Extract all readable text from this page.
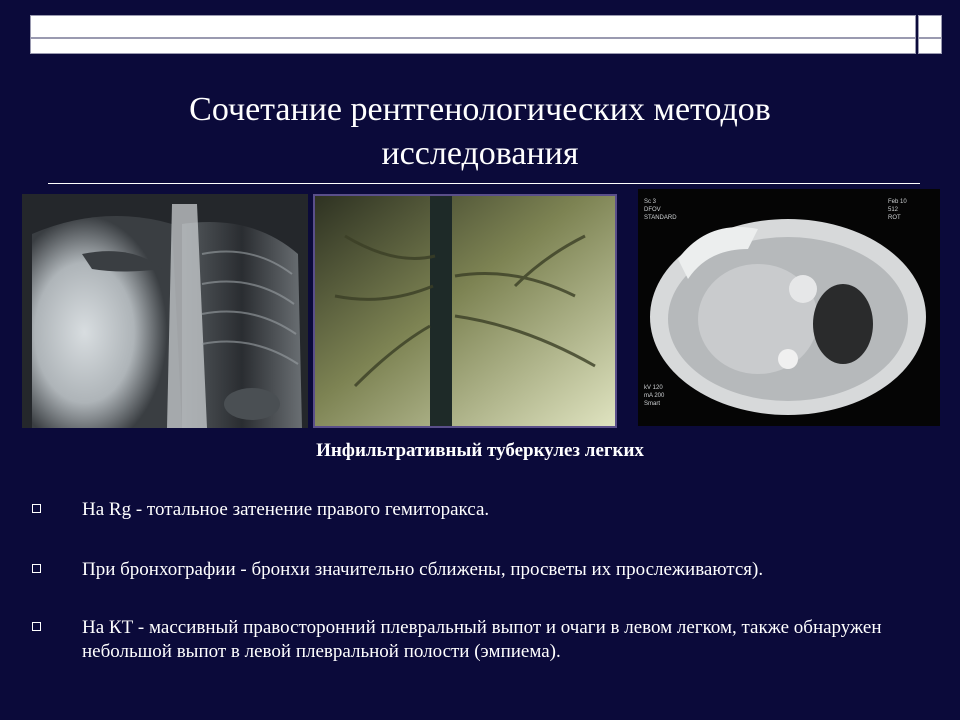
Сочетание рентгенологических методов
исследования
Sc 3
DFOV
STANDARD
Feb 10
512
ROT
kV 120
mA 200
Smart
Инфильтративный туберкулез легких
На Rg - тотальное затенение правого гемиторакса.
При бронхографии - бронхи значительно сближены, просветы их прослеживаются).
На КТ - массивный правосторонний плевральный выпот и очаги в левом легком, также обнаружен небольшой выпот в левой плевральной полости (эмпиема).
